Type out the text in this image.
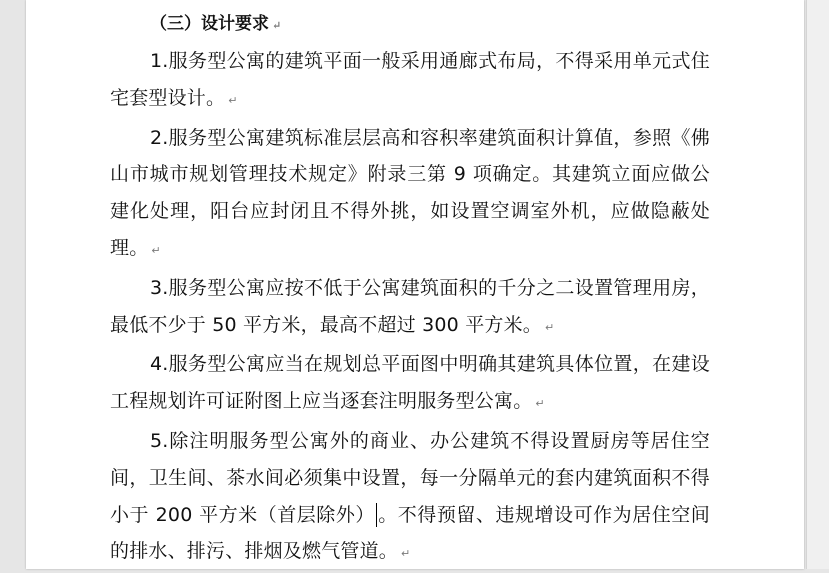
（三）设计要求 ↵

1.服务型公寓的建筑平面一般采用通廊式布局，不得采用单元式住宅套型设计。 ↵

2.服务型公寓建筑标准层层高和容积率建筑面积计算值，参照《佛山市城市规划管理技术规定》附录三第 9 项确定。其建筑立面应做公建化处理，阳台应封闭且不得外挑，如设置空调室外机，应做隐蔽处理。 ↵

3.服务型公寓应按不低于公寓建筑面积的千分之二设置管理用房，最低不少于 50 平方米，最高不超过 300 平方米。 ↵

4.服务型公寓应当在规划总平面图中明确其建筑具体位置，在建设工程规划许可证附图上应当逐套注明服务型公寓。 ↵

5.除注明服务型公寓外的商业、办公建筑不得设置厨房等居住空间，卫生间、茶水间必须集中设置，每一分隔单元的套内建筑面积不得小于 200 平方米（首层除外） 。不得预留、违规增设可作为居住空间的排水、排污、排烟及燃气管道。 ↵
